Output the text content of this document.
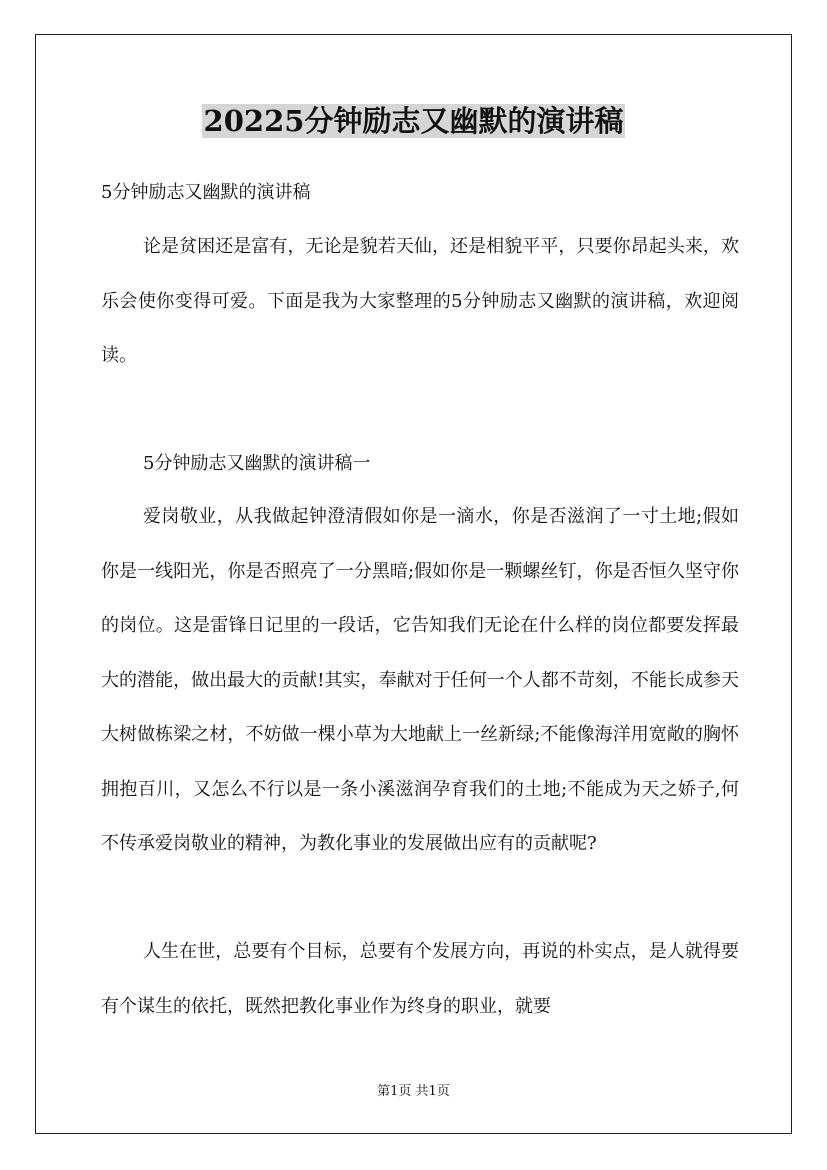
20225分钟励志又幽默的演讲稿

5分钟励志又幽默的演讲稿

论是贫困还是富有，无论是貌若天仙，还是相貌平平，只要你昂起头来，欢乐会使你变得可爱。下面是我为大家整理的5分钟励志又幽默的演讲稿，欢迎阅读。

5分钟励志又幽默的演讲稿一

爱岗敬业，从我做起钟澄清假如你是一滴水，你是否滋润了一寸土地;假如你是一线阳光，你是否照亮了一分黑暗;假如你是一颗螺丝钉，你是否恒久坚守你的岗位。这是雷锋日记里的一段话，它告知我们无论在什么样的岗位都要发挥最大的潜能，做出最大的贡献!其实，奉献对于任何一个人都不苛刻，不能长成参天大树做栋梁之材，不妨做一棵小草为大地献上一丝新绿;不能像海洋用宽敞的胸怀拥抱百川，又怎么不行以是一条小溪滋润孕育我们的土地;不能成为天之娇子,何不传承爱岗敬业的精神，为教化事业的发展做出应有的贡献呢?

人生在世，总要有个目标，总要有个发展方向，再说的朴实点，是人就得要有个谋生的依托，既然把教化事业作为终身的职业，就要

第1页 共1页
